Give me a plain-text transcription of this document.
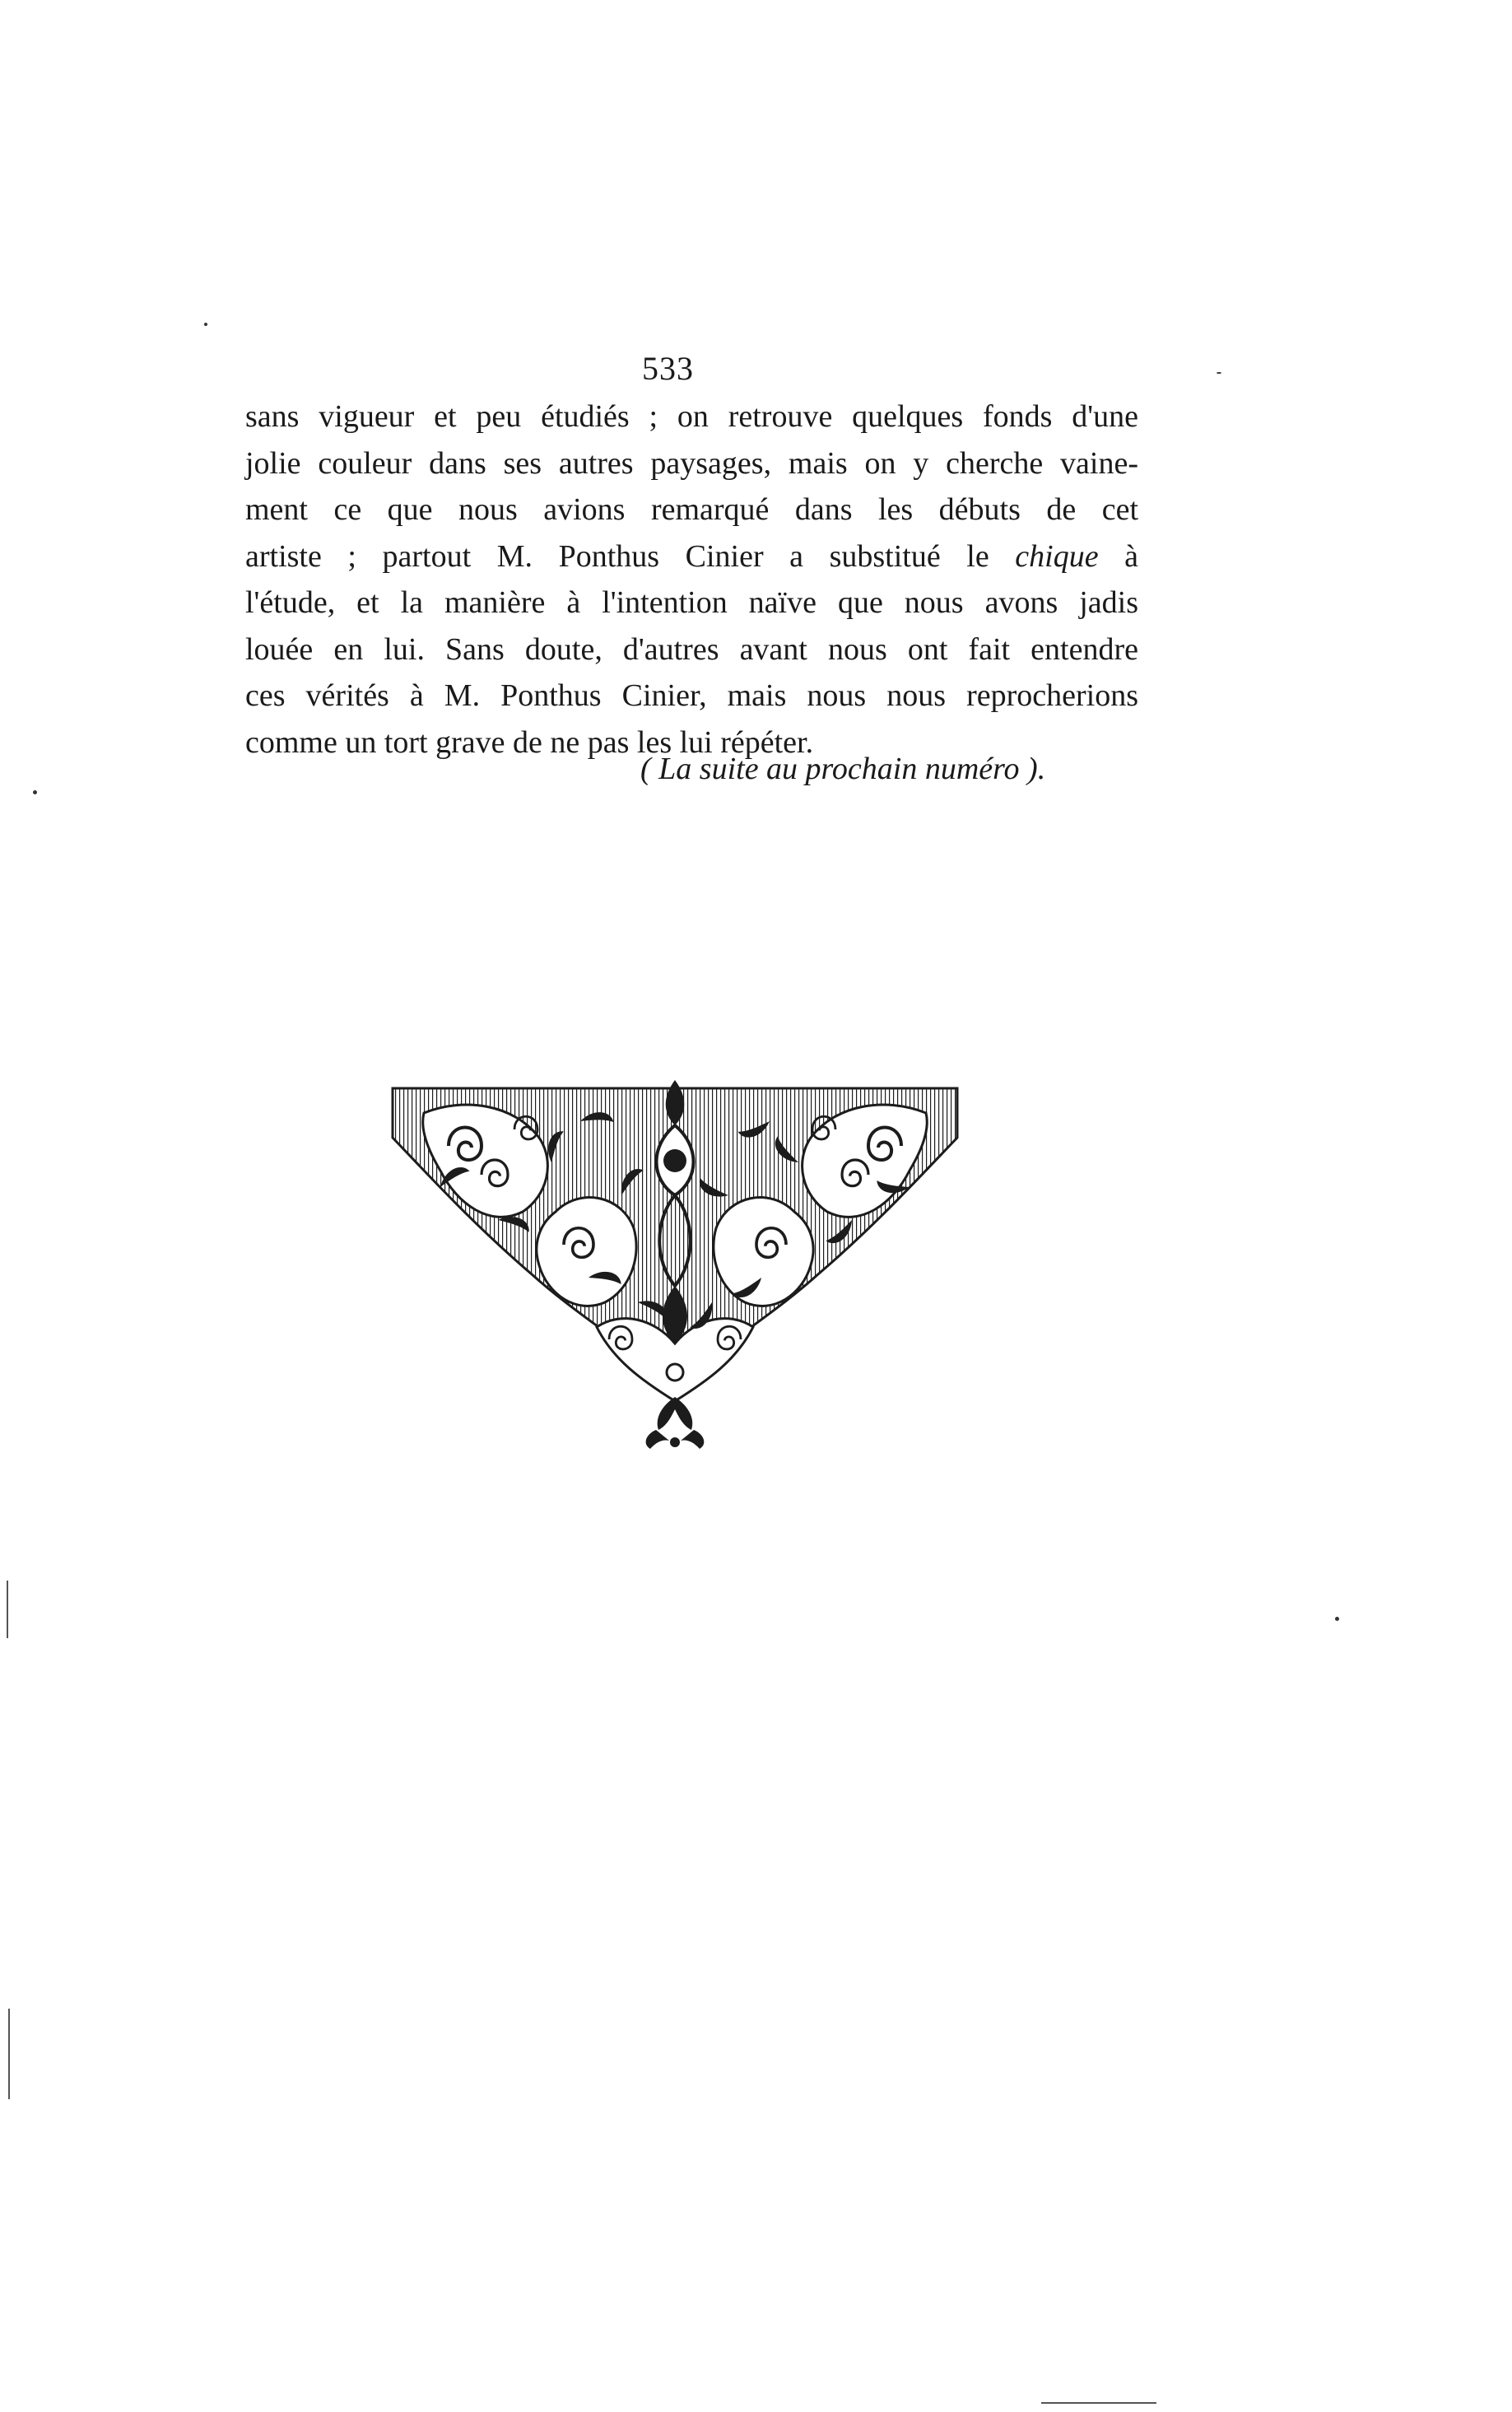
533
sans vigueur et peu étudiés ; on retrouve quelques fonds d'une
jolie couleur dans ses autres paysages, mais on y cherche vaine-
ment ce que nous avions remarqué dans les débuts de cet
artiste ; partout M. Ponthus Cinier a substitué le chique à
l'étude, et la manière à l'intention naïve que nous avons jadis
louée en lui. Sans doute, d'autres avant nous ont fait entendre
ces vérités à M. Ponthus Cinier, mais nous nous reprocherions
comme un tort grave de ne pas les lui répéter.
( La suite au prochain numéro ).
